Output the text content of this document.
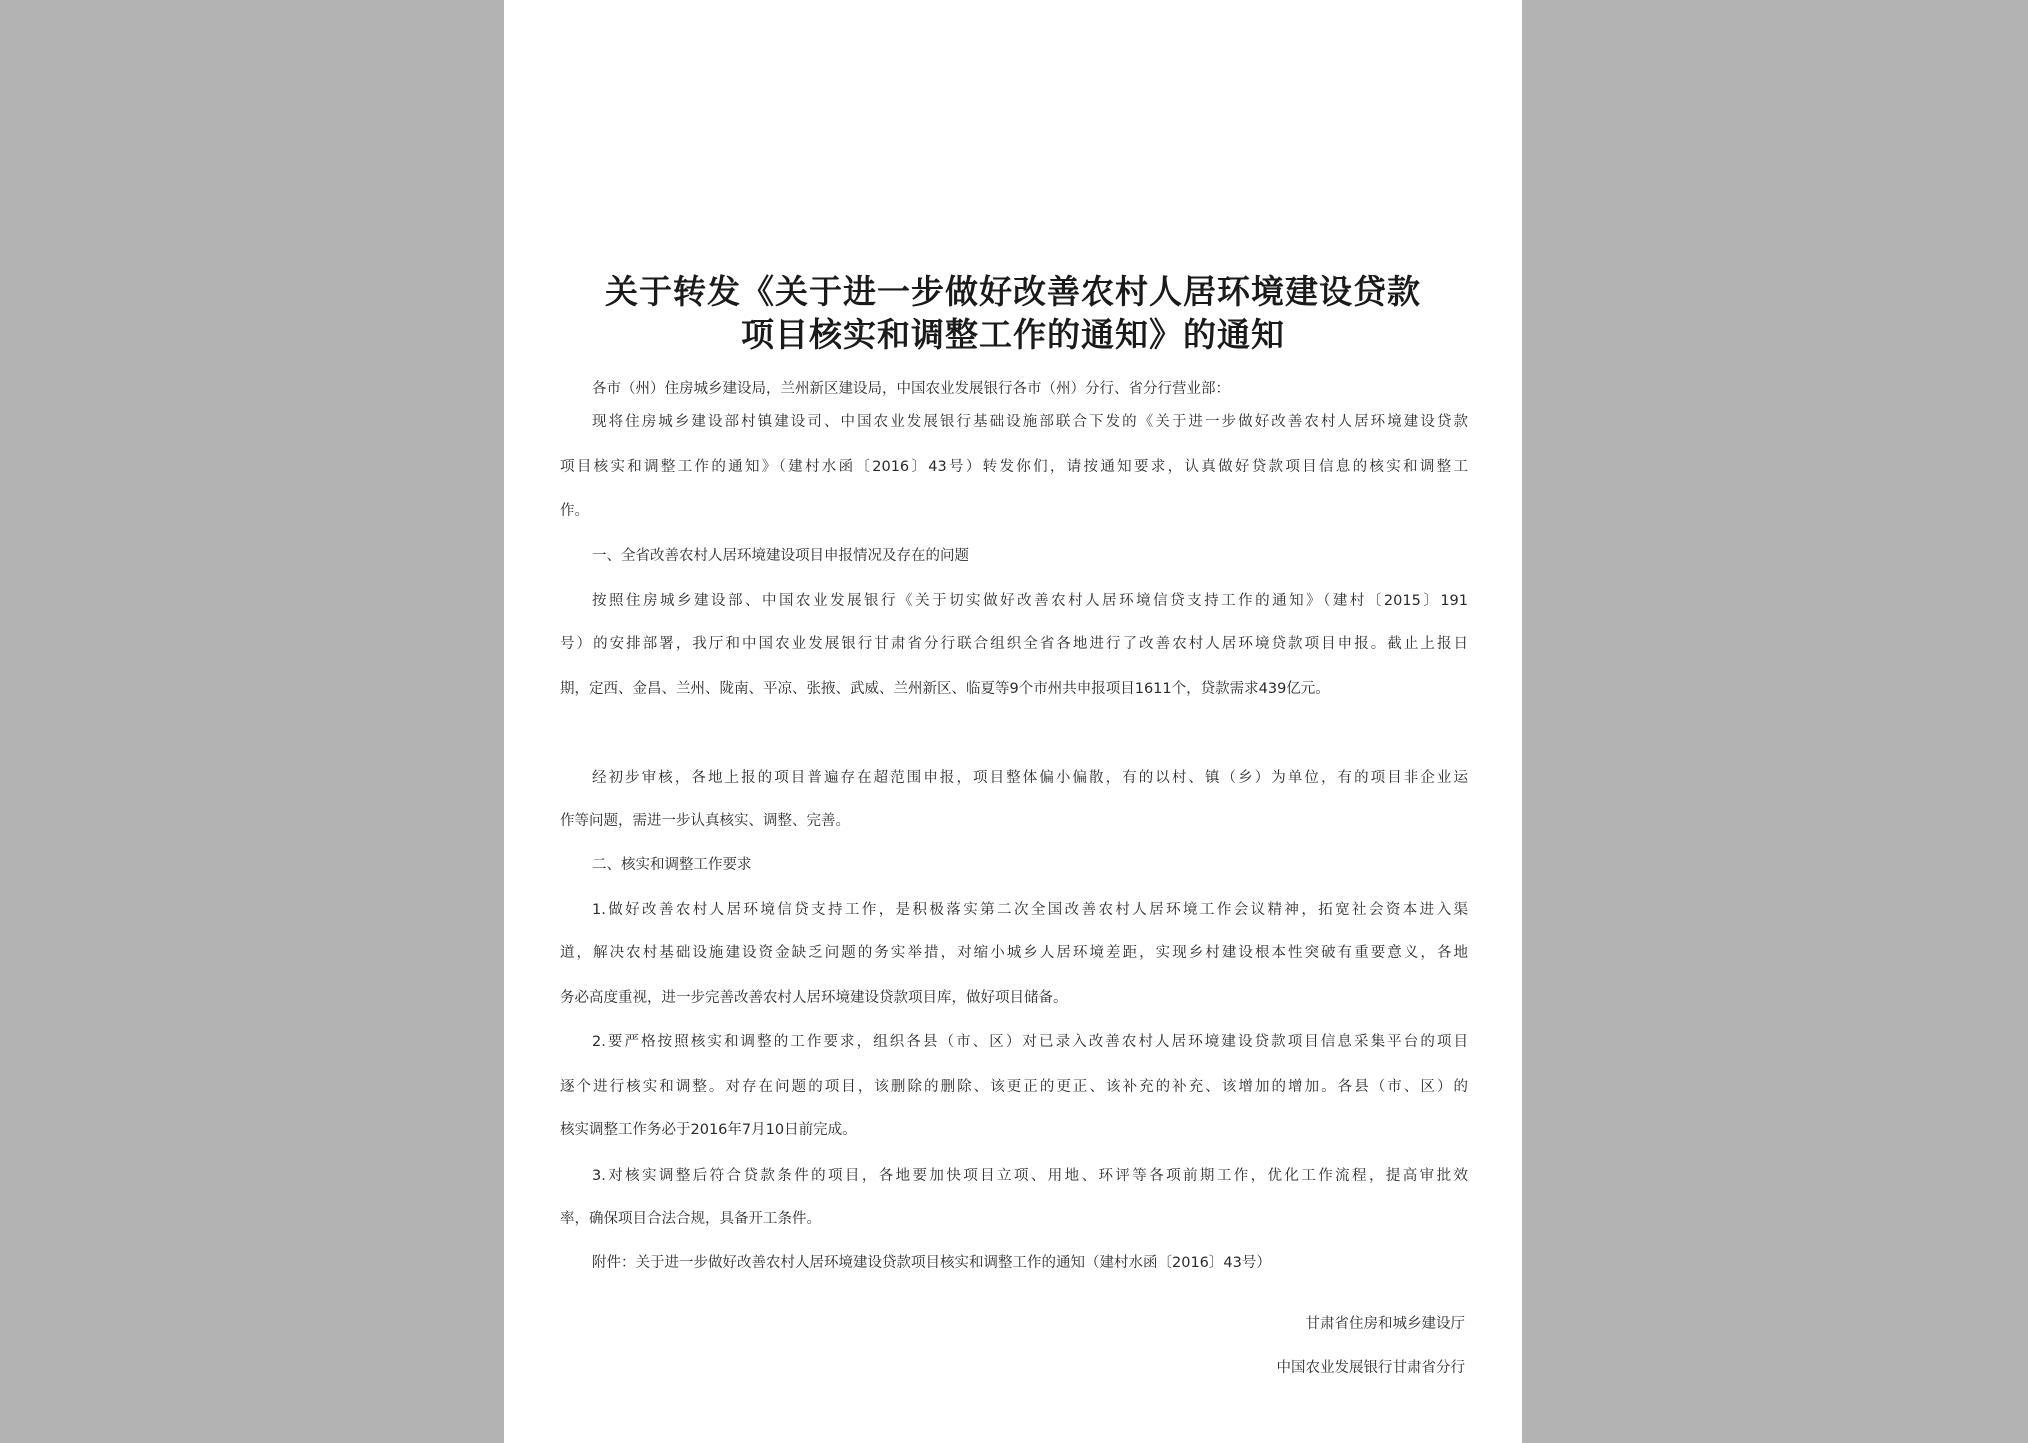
关于转发《关于进一步做好改善农村人居环境建设贷款
项目核实和调整工作的通知》的通知
各市（州）住房城乡建设局，兰州新区建设局，中国农业发展银行各市（州）分行、省分行营业部：
现将住房城乡建设部村镇建设司、中国农业发展银行基础设施部联合下发的《关于进一步做好改善农村人居环境建设贷款
项目核实和调整工作的通知》（建村水函〔2016〕43号）转发你们，请按通知要求，认真做好贷款项目信息的核实和调整工
作。
一、全省改善农村人居环境建设项目申报情况及存在的问题
按照住房城乡建设部、中国农业发展银行《关于切实做好改善农村人居环境信贷支持工作的通知》（建村〔2015〕191
号）的安排部署，我厅和中国农业发展银行甘肃省分行联合组织全省各地进行了改善农村人居环境贷款项目申报。截止上报日
期，定西、金昌、兰州、陇南、平凉、张掖、武威、兰州新区、临夏等9个市州共申报项目1611个，贷款需求439亿元。
经初步审核，各地上报的项目普遍存在超范围申报，项目整体偏小偏散，有的以村、镇（乡）为单位，有的项目非企业运
作等问题，需进一步认真核实、调整、完善。
二、核实和调整工作要求
1.做好改善农村人居环境信贷支持工作，是积极落实第二次全国改善农村人居环境工作会议精神，拓宽社会资本进入渠
道，解决农村基础设施建设资金缺乏问题的务实举措，对缩小城乡人居环境差距，实现乡村建设根本性突破有重要意义，各地
务必高度重视，进一步完善改善农村人居环境建设贷款项目库，做好项目储备。
2.要严格按照核实和调整的工作要求，组织各县（市、区）对已录入改善农村人居环境建设贷款项目信息采集平台的项目
逐个进行核实和调整。对存在问题的项目，该删除的删除、该更正的更正、该补充的补充、该增加的增加。各县（市、区）的
核实调整工作务必于2016年7月10日前完成。
3.对核实调整后符合贷款条件的项目，各地要加快项目立项、用地、环评等各项前期工作，优化工作流程，提高审批效
率，确保项目合法合规，具备开工条件。
附件：关于进一步做好改善农村人居环境建设贷款项目核实和调整工作的通知（建村水函〔2016〕43号）
甘肃省住房和城乡建设厅
中国农业发展银行甘肃省分行
